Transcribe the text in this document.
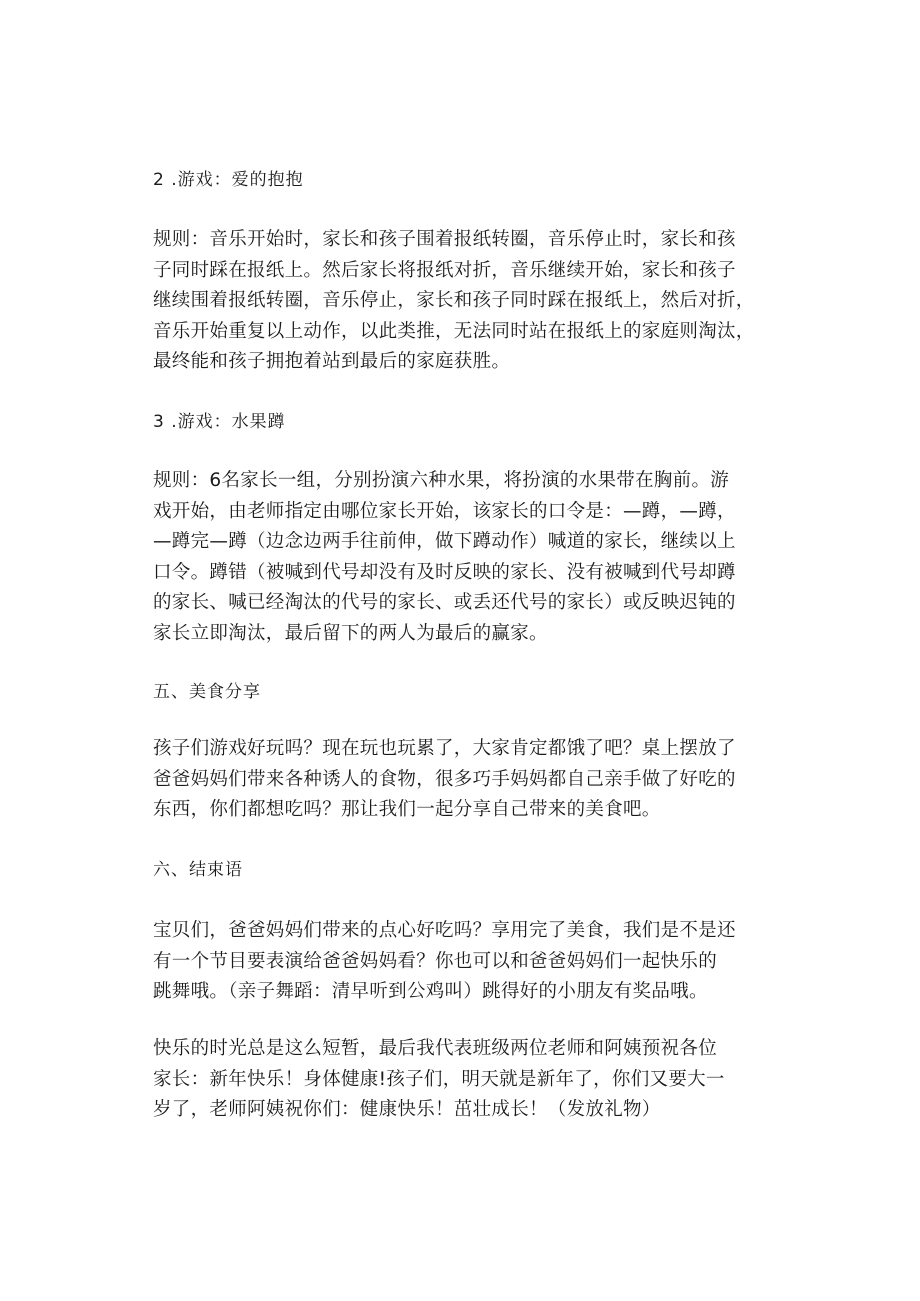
2 .游戏：爱的抱抱

规则：音乐开始时，家长和孩子围着报纸转圈，音乐停止时，家长和孩
子同时踩在报纸上。然后家长将报纸对折，音乐继续开始，家长和孩子
继续围着报纸转圈，音乐停止，家长和孩子同时踩在报纸上，然后对折，
音乐开始重复以上动作，以此类推，无法同时站在报纸上的家庭则淘汰，
最终能和孩子拥抱着站到最后的家庭获胜。

3 .游戏：水果蹲

规则：6名家长一组，分别扮演六种水果，将扮演的水果带在胸前。游
戏开始，由老师指定由哪位家长开始，该家长的口令是：—蹲，—蹲，
—蹲完—蹲（边念边两手往前伸，做下蹲动作）喊道的家长，继续以上
口令。蹲错（被喊到代号却没有及时反映的家长、没有被喊到代号却蹲
的家长、喊已经淘汰的代号的家长、或丢还代号的家长）或反映迟钝的
家长立即淘汰，最后留下的两人为最后的赢家。

五、美食分享

孩子们游戏好玩吗？现在玩也玩累了，大家肯定都饿了吧？桌上摆放了
爸爸妈妈们带来各种诱人的食物，很多巧手妈妈都自己亲手做了好吃的
东西，你们都想吃吗？那让我们一起分享自己带来的美食吧。

六、结束语

宝贝们，爸爸妈妈们带来的点心好吃吗？享用完了美食，我们是不是还
有一个节目要表演给爸爸妈妈看？你也可以和爸爸妈妈们一起快乐的
跳舞哦。（亲子舞蹈：清早听到公鸡叫）跳得好的小朋友有奖品哦。
快乐的时光总是这么短暂，最后我代表班级两位老师和阿姨预祝各位
家长：新年快乐！身体健康!孩子们，明天就是新年了，你们又要大一
岁了，老师阿姨祝你们：健康快乐！茁壮成长！（发放礼物）
